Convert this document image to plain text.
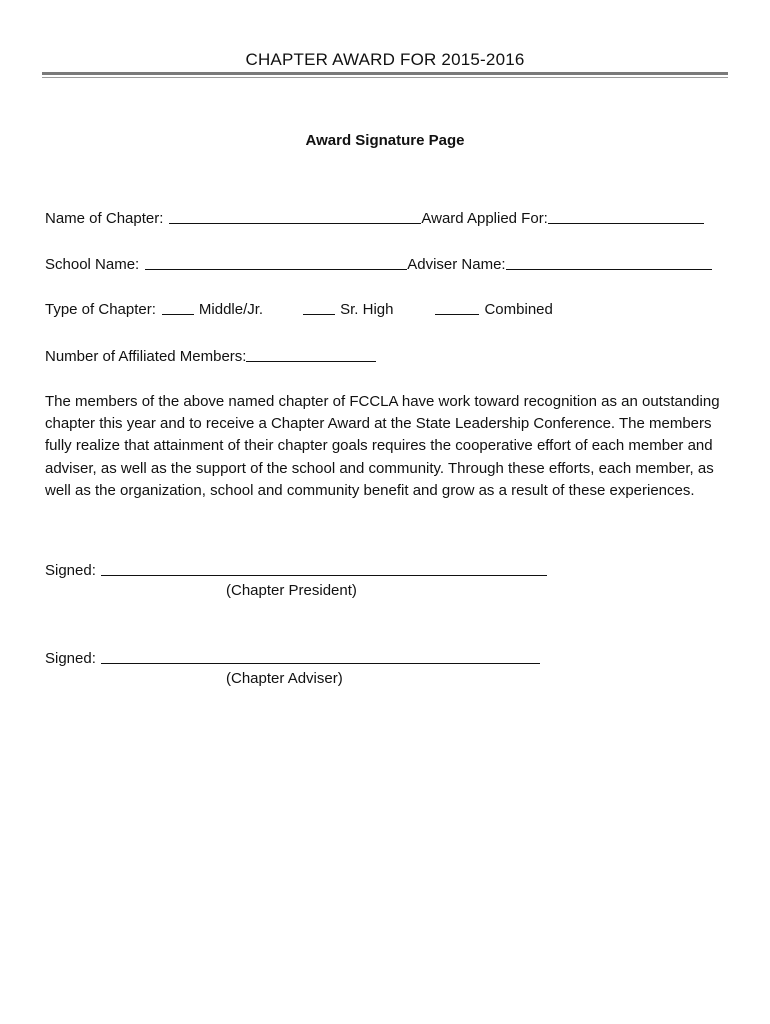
CHAPTER AWARD FOR 2015-2016
Award Signature Page
Name of Chapter:	Award Applied For:
School Name:	Adviser Name:
Type of Chapter:	Middle/Jr.	Sr. High	Combined
Number of Affiliated Members:
The members of the above named chapter of FCCLA have work toward recognition as an outstanding chapter this year and to receive a Chapter Award at the State Leadership Conference. The members fully realize that attainment of their chapter goals requires the cooperative effort of each member and adviser, as well as the support of the school and community. Through these efforts, each member, as well as the organization, school and community benefit and grow as a result of these experiences.
Signed:
(Chapter President)
Signed:
(Chapter Adviser)
